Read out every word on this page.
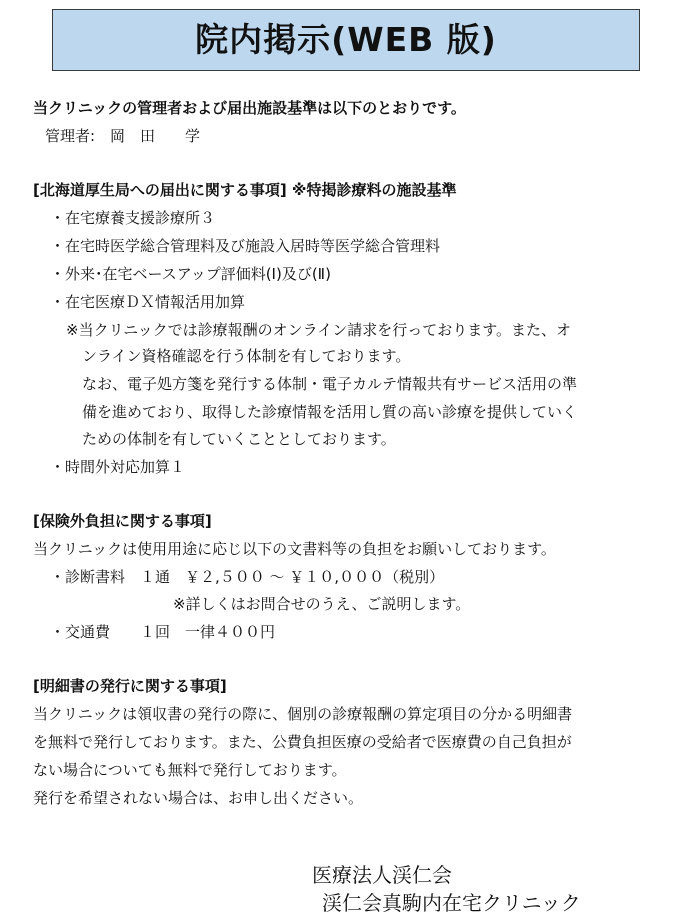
院内掲示(WEB 版)
当クリニックの管理者および届出施設基準は以下のとおりです。
管理者:　岡　田　　学
[北海道厚生局への届出に関する事項] ※特掲診療料の施設基準
・在宅療養支援診療所３
・在宅時医学総合管理料及び施設入居時等医学総合管理料
・外来･在宅ベースアップ評価料(Ⅰ)及び(Ⅱ)
・在宅医療ＤＸ情報活用加算
※当クリニックでは診療報酬のオンライン請求を行っております。また、オ
ンライン資格確認を行う体制を有しております。
なお、電子処方箋を発行する体制・電子カルテ情報共有サービス活用の準
備を進めており、取得した診療情報を活用し質の高い診療を提供していく
ための体制を有していくこととしております。
・時間外対応加算１
[保険外負担に関する事項]
当クリニックは使用用途に応じ以下の文書料等の負担をお願いしております。
・診断書料　１通　￥２,５００ ～ ￥１０,０００（税別）
※詳しくはお問合せのうえ、ご説明します。
・交通費　　１回　一律４００円
[明細書の発行に関する事項]
当クリニックは領収書の発行の際に、個別の診療報酬の算定項目の分かる明細書
を無料で発行しております。また、公費負担医療の受給者で医療費の自己負担が
ない場合についても無料で発行しております。
発行を希望されない場合は、お申し出ください。
医療法人渓仁会
渓仁会真駒内在宅クリニック
